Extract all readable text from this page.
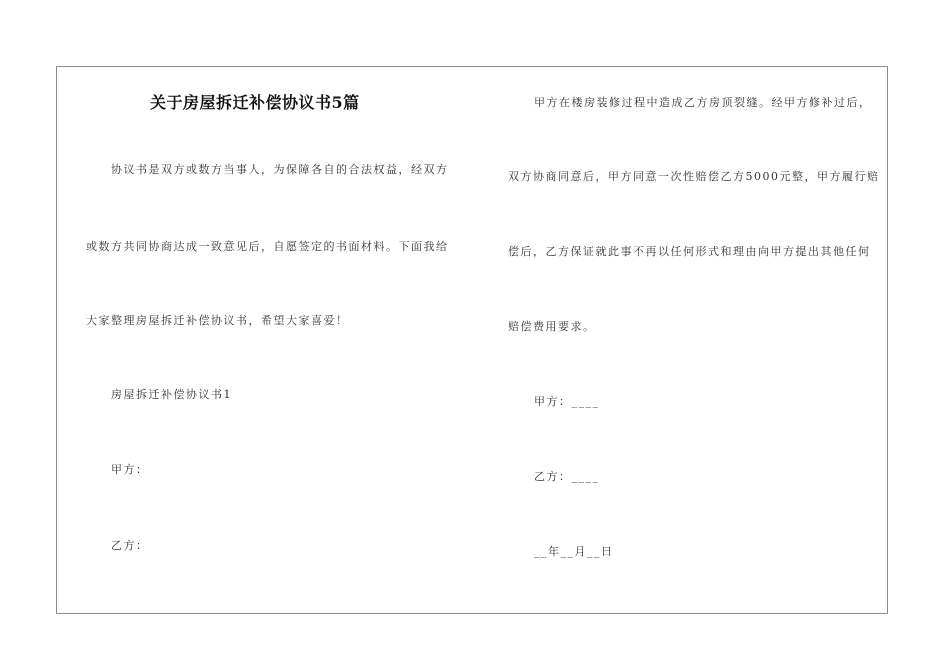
关于房屋拆迁补偿协议书5篇
协议书是双方或数方当事人，为保障各自的合法权益，经双方
或数方共同协商达成一致意见后，自愿签定的书面材料。下面我给
大家整理房屋拆迁补偿协议书，希望大家喜爱！
房屋拆迁补偿协议书1
甲方：
乙方：
甲方在楼房装修过程中造成乙方房顶裂缝。经甲方修补过后，
双方协商同意后，甲方同意一次性赔偿乙方5000元整，甲方履行赔
偿后，乙方保证就此事不再以任何形式和理由向甲方提出其他任何
赔偿费用要求。
甲方：____
乙方：____
__年__月__日
